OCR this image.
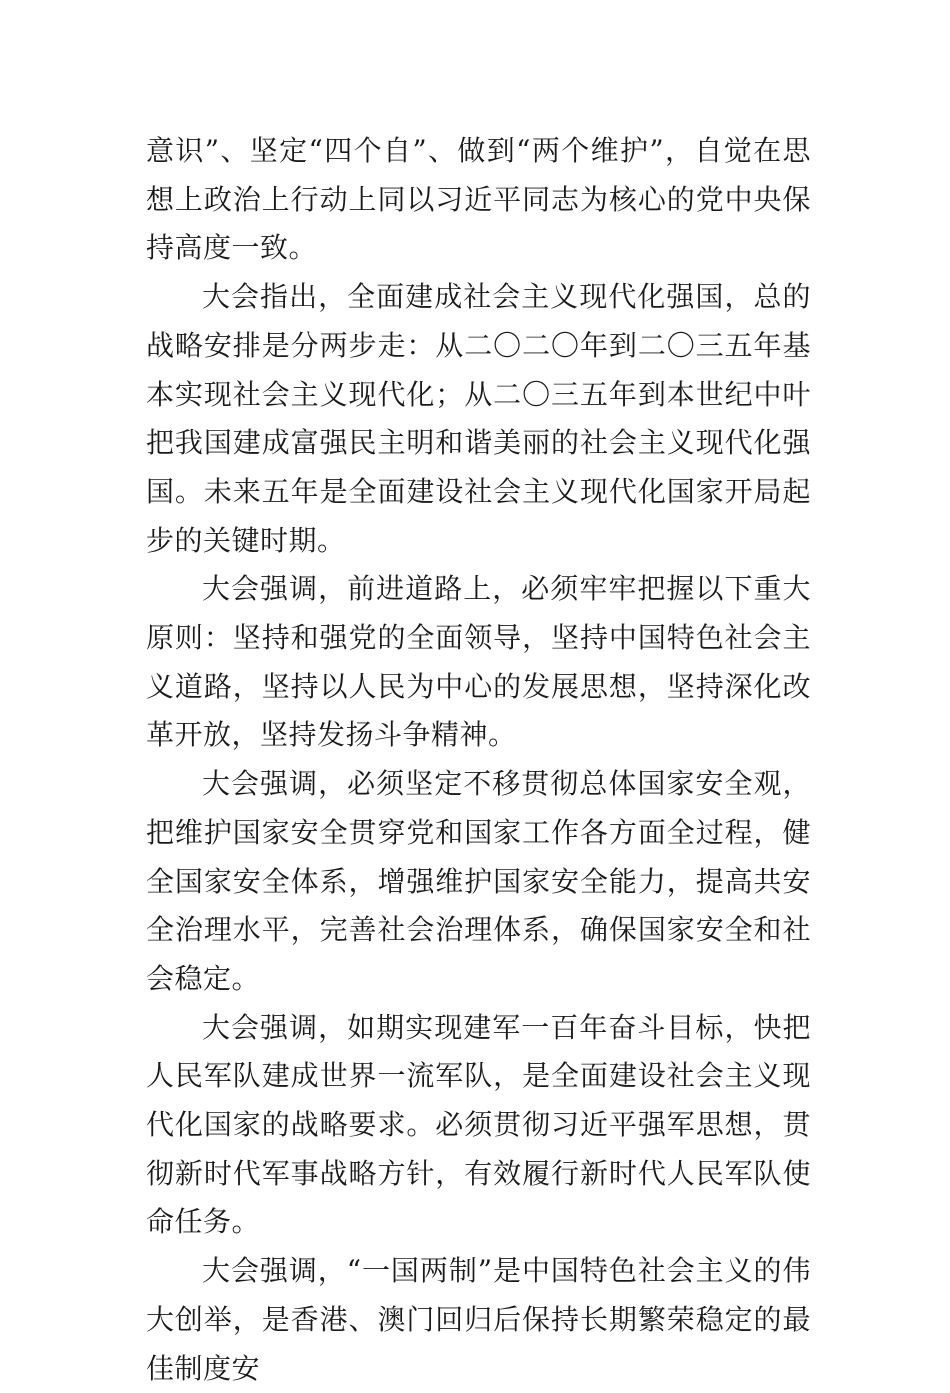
意识”、坚定“四个自”、做到“两个维护”，自觉在思想上政治上行动上同以习近平同志为核心的党中央保持高度一致。

大会指出，全面建成社会主义现代化强国，总的战略安排是分两步走：从二〇二〇年到二〇三五年基本实现社会主义现代化；从二〇三五年到本世纪中叶把我国建成富强民主明和谐美丽的社会主义现代化强国。未来五年是全面建设社会主义现代化国家开局起步的关键时期。

大会强调，前进道路上，必须牢牢把握以下重大原则：坚持和强党的全面领导，坚持中国特色社会主义道路，坚持以人民为中心的发展思想，坚持深化改革开放，坚持发扬斗争精神。

大会强调，必须坚定不移贯彻总体国家安全观，把维护国家安全贯穿党和国家工作各方面全过程，健全国家安全体系，增强维护国家安全能力，提高共安全治理水平，完善社会治理体系，确保国家安全和社会稳定。

大会强调，如期实现建军一百年奋斗目标，快把人民军队建成世界一流军队，是全面建设社会主义现代化国家的战略要求。必须贯彻习近平强军思想，贯彻新时代军事战略方针，有效履行新时代人民军队使命任务。

大会强调，“一国两制”是中国特色社会主义的伟大创举，是香港、澳门回归后保持长期繁荣稳定的最佳制度安
